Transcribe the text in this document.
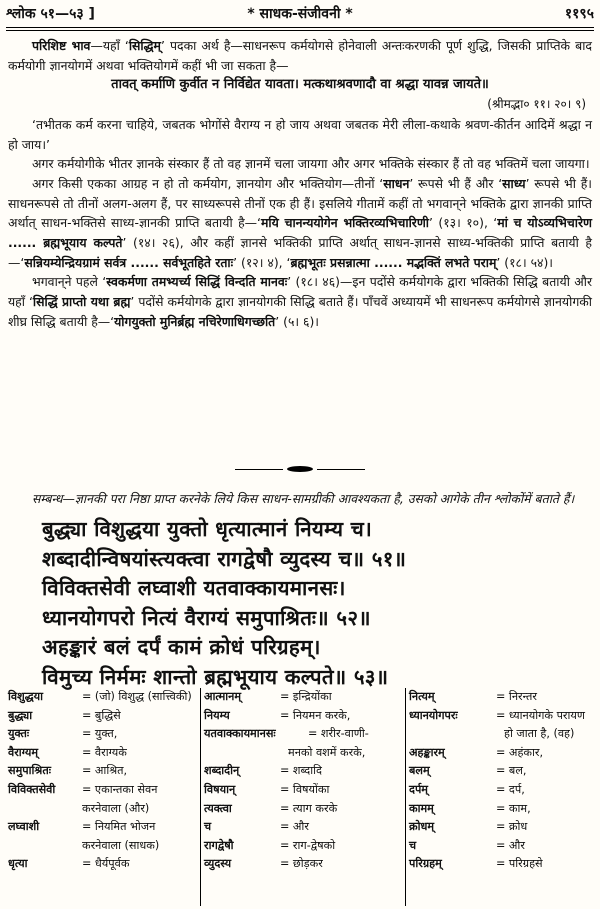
श्लोक ५१—५३ ]	* साधक-संजीवनी *	११९५

परिशिष्ट भाव—यहाँ ‘सिद्धिम्’ पदका अर्थ है—साधनरूप कर्मयोगसे होनेवाली अन्तःकरणकी पूर्ण शुद्धि, जिसकी प्राप्तिके बाद कर्मयोगी ज्ञानयोगमें अथवा भक्तियोगमें कहीं भी जा सकता है—

तावत् कर्माणि कुर्वीत न निर्विद्येत यावता। मत्कथाश्रवणादौ वा श्रद्धा यावन्न जायते॥

(श्रीमद्भा० ११। २०। ९)

‘तभीतक कर्म करना चाहिये, जबतक भोगोंसे वैराग्य न हो जाय अथवा जबतक मेरी लीला-कथाके श्रवण-कीर्तन आदिमें श्रद्धा न हो जाय।’

अगर कर्मयोगीके भीतर ज्ञानके संस्कार हैं तो वह ज्ञानमें चला जायगा और अगर भक्तिके संस्कार हैं तो वह भक्तिमें चला जायगा।

अगर किसी एकका आग्रह न हो तो कर्मयोग, ज्ञानयोग और भक्तियोग—तीनों ‘साधन’ रूपसे भी हैं और ‘साध्य’ रूपसे भी हैं। साधनरूपसे तो तीनों अलग-अलग हैं, पर साध्यरूपसे तीनों एक ही हैं। इसलिये गीतामें कहीं तो भगवान्‌ने भक्तिके द्वारा ज्ञानकी प्राप्ति अर्थात् साधन-भक्तिसे साध्य-ज्ञानकी प्राप्ति बतायी है—‘मयि चानन्ययोगेन भक्तिरव्यभिचारिणी’ (१३। १०), ‘मां च योऽव्यभिचारेण ...... ब्रह्मभूयाय कल्पते’ (१४। २६), और कहीं ज्ञानसे भक्तिकी प्राप्ति अर्थात् साधन-ज्ञानसे साध्य-भक्तिकी प्राप्ति बतायी है—‘सन्नियम्येन्द्रियग्रामं सर्वत्र ...... सर्वभूतहिते रताः’ (१२। ४), ‘ब्रह्मभूतः प्रसन्नात्मा ...... मद्भक्तिं लभते पराम्’ (१८। ५४)।

भगवान्‌ने पहले ‘स्वकर्मणा तमभ्यर्च्य सिद्धिं विन्दति मानवः’ (१८। ४६)—इन पदोंसे कर्मयोगके द्वारा भक्तिकी सिद्धि बतायी और यहाँ ‘सिद्धिं प्राप्तो यथा ब्रह्म’ पदोंसे कर्मयोगके द्वारा ज्ञानयोगकी सिद्धि बताते हैं। पाँचवें अध्यायमें भी साधनरूप कर्मयोगसे ज्ञानयोगकी शीघ्र सिद्धि बतायी है—‘योगयुक्तो मुनिर्ब्रह्म नचिरेणाधिगच्छति’ (५। ६)।

सम्बन्ध—ज्ञानकी परा निष्ठा प्राप्त करनेके लिये किस साधन-सामग्रीकी आवश्यकता है, उसको आगेके तीन श्लोकोंमें बताते हैं।

बुद्ध्या विशुद्धया युक्तो धृत्यात्मानं नियम्य च।
शब्दादीन्विषयांस्त्यक्त्वा रागद्वेषौ व्युदस्य च॥ ५१॥
विविक्तसेवी लघ्वाशी यतवाक्कायमानसः।
ध्यानयोगपरो नित्यं वैराग्यं समुपाश्रितः॥ ५२॥
अहङ्कारं बलं दर्पं कामं क्रोधं परिग्रहम्।
विमुच्य निर्ममः शान्तो ब्रह्मभूयाय कल्पते॥ ५३॥
विशुद्धया	= (जो) विशुद्ध (सात्त्विकी)
बुद्ध्या	= बुद्धिसे
युक्तः	= युक्त,
वैराग्यम्	= वैराग्यके
समुपाश्रितः	= आश्रित,
विविक्तसेवी = एकान्तका सेवन
करनेवाला (और)
लघ्वाशी	= नियमित भोजन
करनेवाला (साधक)
धृत्या	= धैर्यपूर्वक
आत्मानम्	= इन्द्रियोंका
नियम्य	= नियमन करके,
यतवाक्कायमानसः	= शरीर-वाणी-
मनको वशमें करके,
शब्दादीन्	= शब्दादि
विषयान्	= विषयोंका
त्यक्त्वा	= त्याग करके
च	= और
रागद्वेषौ	= राग-द्वेषको
व्युदस्य	= छोड़कर
नित्यम्	= निरन्तर
ध्यानयोगपरः	= ध्यानयोगके परायण
हो जाता है, (वह)
अहङ्कारम्	= अहंकार,
बलम्	= बल,
दर्पम्	= दर्प,
कामम्	= काम,
क्रोधम्	= क्रोध
च	= और
परिग्रहम्	= परिग्रहसे
